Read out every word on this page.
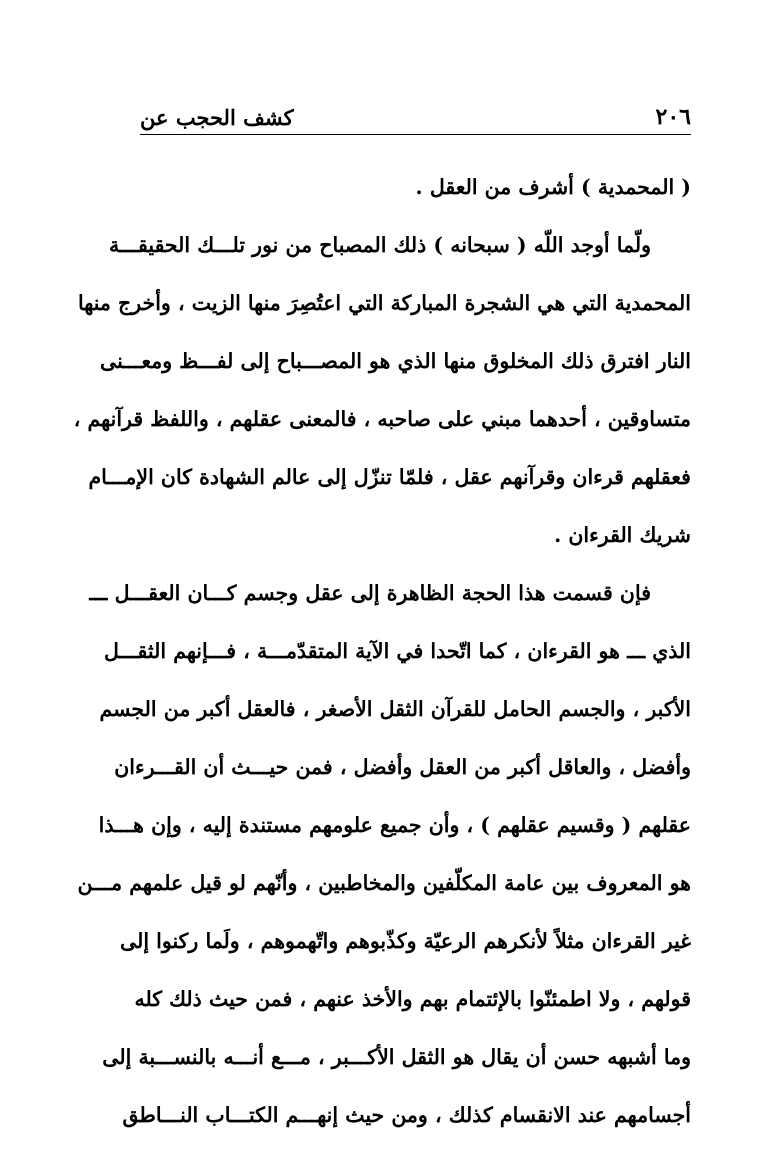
٢٠٦
كشف الحجب عن
( المحمدية ) أشرف من العقل .
ولّما أوجد اللّه ( سبحانه ) ذلك المصباح من نور تلـــك الحقيقـــة
المحمدية التي هي الشجرة المباركة التي اعتُصِرَ منها الزيت ، وأخرج منها
النار افترق ذلك المخلوق منها الذي هو المصـــباح إلى لفـــظ ومعـــنى
متساوقين ، أحدهما مبني على صاحبه ، فالمعنى عقلهم ، واللفظ قرآنهم ،
فعقلهم قرءان وقرآنهم عقل ، فلمّا تنزّل إلى عالم الشهادة كان الإمـــام
شريك القرءان .
فإن قسمت هذا الحجة الظاهرة إلى عقل وجسم كـــان العقـــل ـــ
الذي ـــ هو القرءان ، كما اتّحدا في الآية المتقدّمـــة ، فـــإنهم الثقـــل
الأكبر ، والجسم الحامل للقرآن الثقل الأصغر ، فالعقل أكبر من الجسم
وأفضل ، والعاقل أكبر من العقل وأفضل ، فمن حيـــث أن القـــرءان
عقلهم ( وقسيم عقلهم ) ، وأن جميع علومهم مستندة إليه ، وإن هـــذا
هو المعروف بين عامة المكلّفين والمخاطبين ، وأنّهم لو قيل علمهم مـــن
غير القرءان مثلاً لأنكرهم الرعيّة وكذّبوهم واتّهموهم ، ولَما ركنوا إلى
قولهم ، ولا اطمئنّوا بالإئتمام بهم والأخذ عنهم ، فمن حيث ذلك كله
وما أشبهه حسن أن يقال هو الثقل الأكـــبر ، مـــع أنـــه بالنســـبة إلى
أجسامهم عند الانقسام كذلك ، ومن حيث إنهـــم الكتـــاب النـــاطق
